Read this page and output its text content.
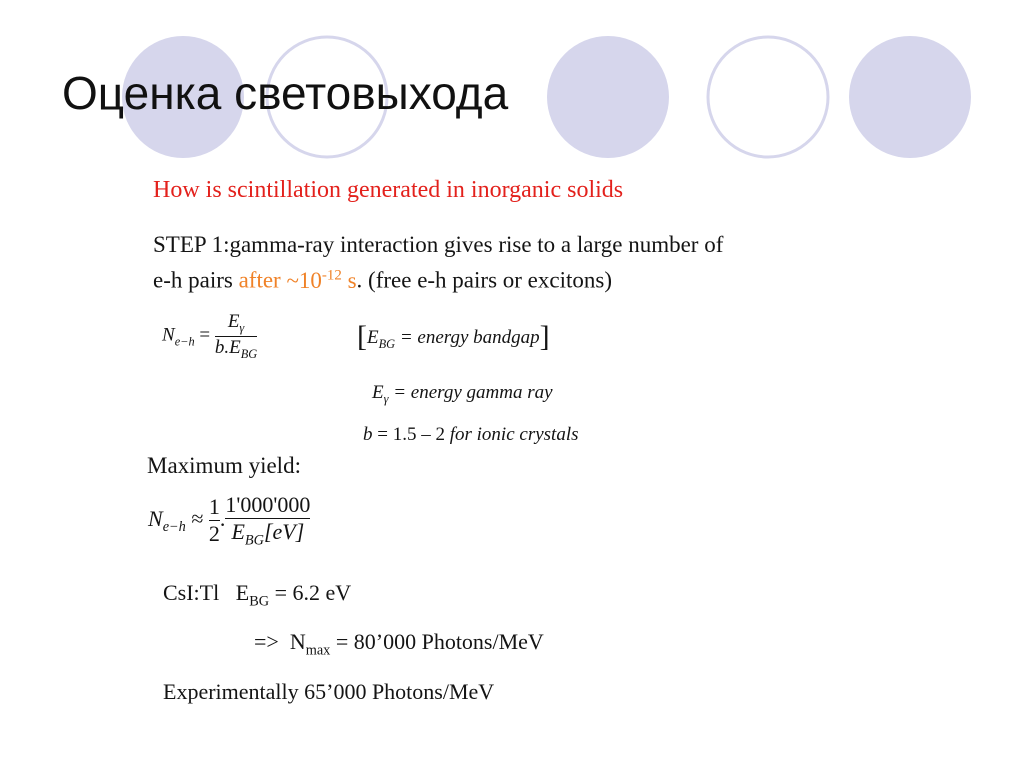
Оценка световыхода
How is scintillation generated in inorganic solids
STEP 1:gamma-ray interaction gives rise to a large number of
e-h pairs after $\sim 10^{-12}$ s. (free e-h pairs or excitons)
$N_{e-h} = \frac{E_\gamma}{b.E_{BG}}$	[$E_{BG}$ = energy bandgap]
$E_\gamma$ = energy gamma ray
b = 1.5 – 2 for ionic crystals
Maximum yield:
$N_{e-h} \approx \frac{1}{2}$ . $\frac{1'000'000}{E_{BG}[eV]}$
CsI:Tl $E_{BG} = 6.2$ eV
=> $N_{max}$ = 80’000 Photons/MeV
Experimentally 65’000 Photons/MeV
